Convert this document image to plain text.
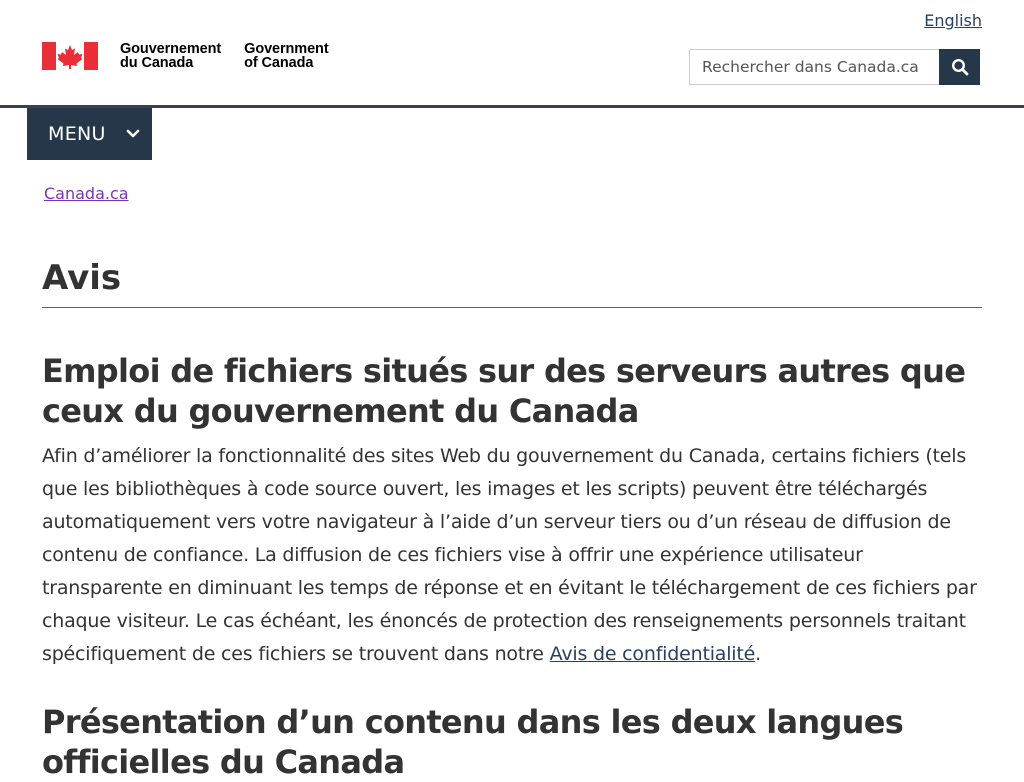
English
Gouvernement
du Canada
Government
of Canada
Rechercher dans Canada.ca
MENU
Canada.ca
Avis
Emploi de fichiers situés sur des serveurs autres que ceux du gouvernement du Canada

Afin d’améliorer la fonctionnalité des sites Web du gouvernement du Canada, certains fichiers (tels que les bibliothèques à code source ouvert, les images et les scripts) peuvent être téléchargés automatiquement vers votre navigateur à l’aide d’un serveur tiers ou d’un réseau de diffusion de contenu de confiance. La diffusion de ces fichiers vise à offrir une expérience utilisateur transparente en diminuant les temps de réponse et en évitant le téléchargement de ces fichiers par chaque visiteur. Le cas échéant, les énoncés de protection des renseignements personnels traitant spécifiquement de ces fichiers se trouvent dans notre Avis de confidentialité.

Présentation d’un contenu dans les deux langues officielles du Canada
